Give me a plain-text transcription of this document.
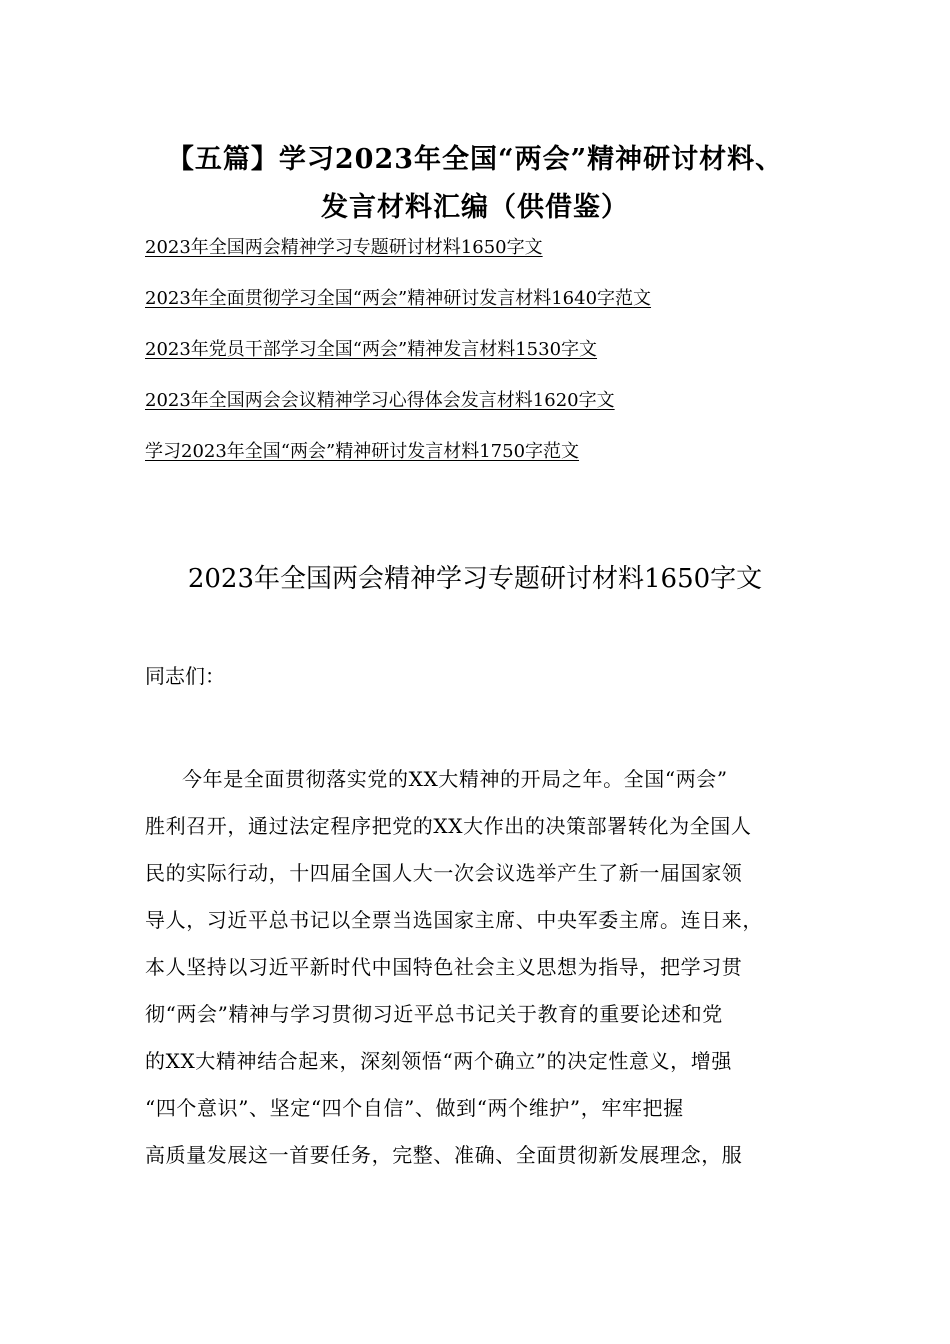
【五篇】学习2023年全国“两会”精神研讨材料、
发言材料汇编（供借鉴）
2023年全国两会精神学习专题研讨材料1650字文
2023年全面贯彻学习全国“两会”精神研讨发言材料1640字范文
2023年党员干部学习全国“两会”精神发言材料1530字文
2023年全国两会会议精神学习心得体会发言材料1620字文
学习2023年全国“两会”精神研讨发言材料1750字范文
2023年全国两会精神学习专题研讨材料1650字文
同志们：
今年是全面贯彻落实党的XX大精神的开局之年。全国“两会”
胜利召开，通过法定程序把党的XX大作出的决策部署转化为全国人
民的实际行动，十四届全国人大一次会议选举产生了新一届国家领
导人，习近平总书记以全票当选国家主席、中央军委主席。连日来，
本人坚持以习近平新时代中国特色社会主义思想为指导，把学习贯
彻“两会”精神与学习贯彻习近平总书记关于教育的重要论述和党
的XX大精神结合起来，深刻领悟“两个确立”的决定性意义，增强
“四个意识”、坚定“四个自信”、做到“两个维护”，牢牢把握
高质量发展这一首要任务，完整、准确、全面贯彻新发展理念，服
